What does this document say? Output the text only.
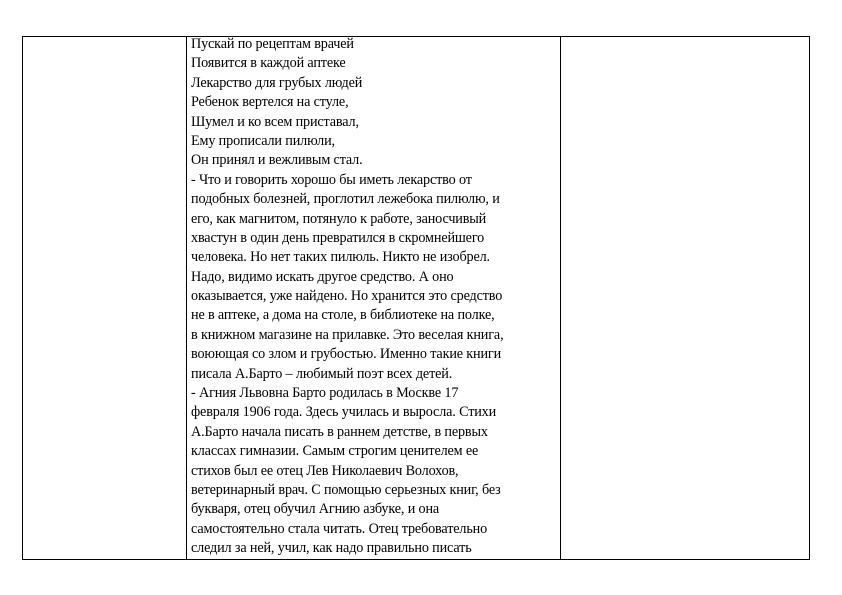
Пускай по рецептам врачей
Появится в каждой аптеке
Лекарство для грубых людей
Ребенок вертелся на стуле,
Шумел и ко всем приставал,
Ему прописали пилюли,
Он принял и вежливым стал.
- Что и говорить хорошо бы иметь лекарство от
подобных болезней, проглотил лежебока пилюлю, и
его, как магнитом, потянуло к работе, заносчивый
хвастун в один день превратился в скромнейшего
человека. Но нет таких пилюль. Никто не изобрел.
Надо, видимо искать другое средство. А оно
оказывается, уже найдено. Но хранится это средство
не в аптеке, а дома на столе, в библиотеке на полке,
в книжном магазине на прилавке. Это веселая книга,
воюющая со злом и грубостью. Именно такие книги
писала А.Барто – любимый поэт всех детей.
- Агния Львовна Барто родилась в Москве 17
февраля 1906 года. Здесь училась и выросла. Стихи
А.Барто начала писать в раннем детстве, в первых
классах гимназии. Самым строгим ценителем ее
стихов был ее отец Лев Николаевич Волохов,
ветеринарный врач. С помощью серьезных книг, без
букваря, отец обучил Агнию азбуке, и она
самостоятельно стала читать. Отец требовательно
следил за ней, учил, как надо правильно писать
